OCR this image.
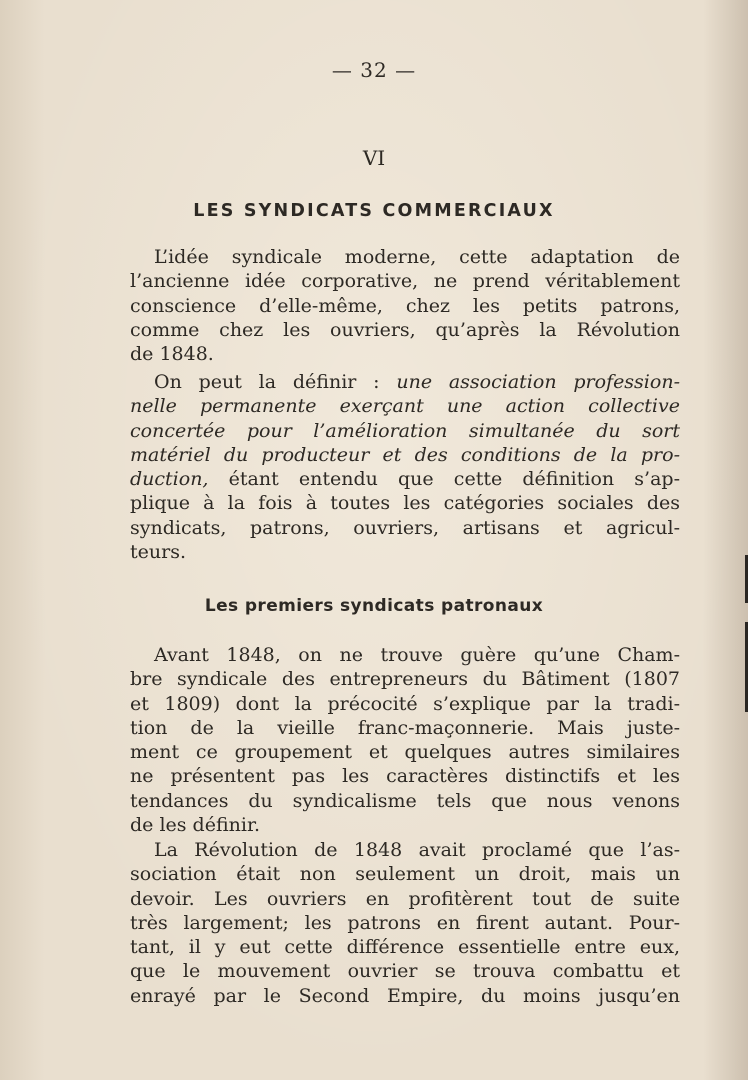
— 32 —
VI
LES SYNDICATS COMMERCIAUX
L’idée syndicale moderne, cette adaptation de
l’ancienne idée corporative, ne prend véritablement
conscience d’elle-même, chez les petits patrons,
comme chez les ouvriers, qu’après la Révolution
de 1848.
On peut la définir : une association profession-
nelle permanente exerçant une action collective
concertée pour l’amélioration simultanée du sort
matériel du producteur et des conditions de la pro-
duction, étant entendu que cette définition s’ap-
plique à la fois à toutes les catégories sociales des
syndicats, patrons, ouvriers, artisans et agricul-
teurs.
Les premiers syndicats patronaux
Avant 1848, on ne trouve guère qu’une Cham-
bre syndicale des entrepreneurs du Bâtiment (1807
et 1809) dont la précocité s’explique par la tradi-
tion de la vieille franc-maçonnerie. Mais juste-
ment ce groupement et quelques autres similaires
ne présentent pas les caractères distinctifs et les
tendances du syndicalisme tels que nous venons
de les définir.
La Révolution de 1848 avait proclamé que l’as-
sociation était non seulement un droit, mais un
devoir. Les ouvriers en profitèrent tout de suite
très largement; les patrons en firent autant. Pour-
tant, il y eut cette différence essentielle entre eux,
que le mouvement ouvrier se trouva combattu et
enrayé par le Second Empire, du moins jusqu’en
